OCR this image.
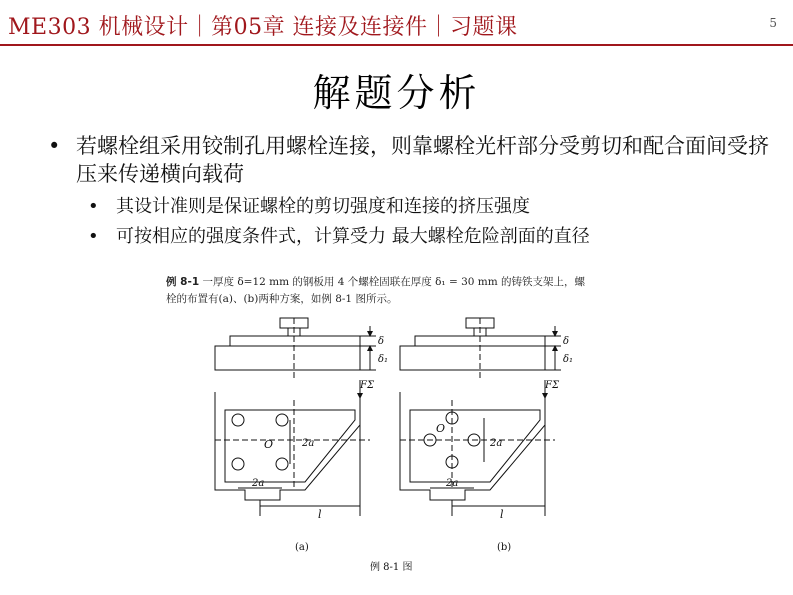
ME303 机械设计｜第05章 连接及连接件｜习题课	5
解题分析
• 若螺栓组采用铰制孔用螺栓连接，则靠螺栓光杆部分受剪切和配合面间受挤压来传递横向载荷
• 其设计准则是保证螺栓的剪切强度和连接的挤压强度
• 可按相应的强度条件式，计算受力 最大螺栓危险剖面的直径
例 8-1 一厚度 δ=12 mm 的钢板用 4 个螺栓固联在厚度 δ₁ = 30 mm 的铸铁支架上，螺
栓的布置有(a)、(b)两种方案，如例 8-1 图所示。
δ
δ₁
FΣ
O	2a
2a
l
(a)
δ
δ₁
FΣ
O
2a
2a
l
(b)
例 8-1 图
